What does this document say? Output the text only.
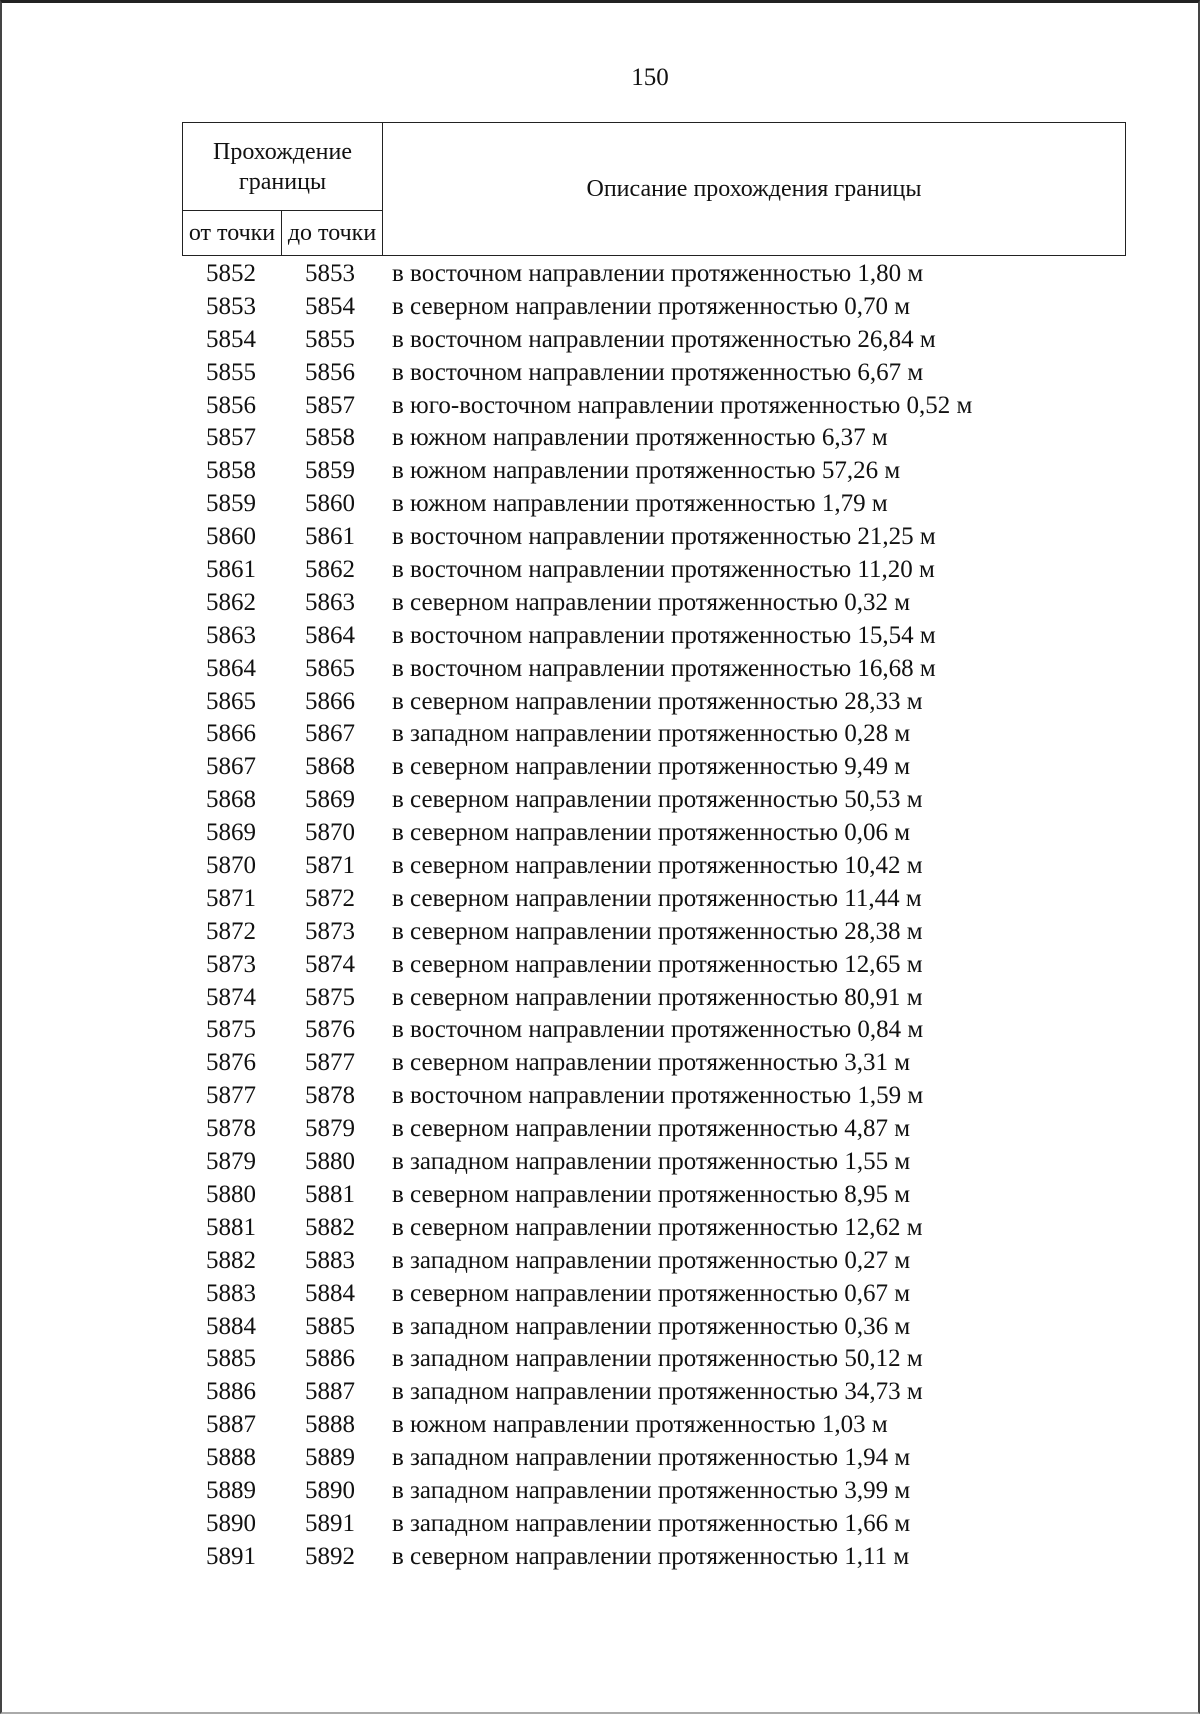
150
Прохождение границы		Описание прохождения границы
от точки	до точки	
5852	5853	в восточном направлении протяженностью 1,80 м
5853	5854	в северном направлении протяженностью 0,70 м
5854	5855	в восточном направлении протяженностью 26,84 м
5855	5856	в восточном направлении протяженностью 6,67 м
5856	5857	в юго-восточном направлении протяженностью 0,52 м
5857	5858	в южном направлении протяженностью 6,37 м
5858	5859	в южном направлении протяженностью 57,26 м
5859	5860	в южном направлении протяженностью 1,79 м
5860	5861	в восточном направлении протяженностью 21,25 м
5861	5862	в восточном направлении протяженностью 11,20 м
5862	5863	в северном направлении протяженностью 0,32 м
5863	5864	в восточном направлении протяженностью 15,54 м
5864	5865	в восточном направлении протяженностью 16,68 м
5865	5866	в северном направлении протяженностью 28,33 м
5866	5867	в западном направлении протяженностью 0,28 м
5867	5868	в северном направлении протяженностью 9,49 м
5868	5869	в северном направлении протяженностью 50,53 м
5869	5870	в северном направлении протяженностью 0,06 м
5870	5871	в северном направлении протяженностью 10,42 м
5871	5872	в северном направлении протяженностью 11,44 м
5872	5873	в северном направлении протяженностью 28,38 м
5873	5874	в северном направлении протяженностью 12,65 м
5874	5875	в северном направлении протяженностью 80,91 м
5875	5876	в восточном направлении протяженностью 0,84 м
5876	5877	в северном направлении протяженностью 3,31 м
5877	5878	в восточном направлении протяженностью 1,59 м
5878	5879	в северном направлении протяженностью 4,87 м
5879	5880	в западном направлении протяженностью 1,55 м
5880	5881	в северном направлении протяженностью 8,95 м
5881	5882	в северном направлении протяженностью 12,62 м
5882	5883	в западном направлении протяженностью 0,27 м
5883	5884	в северном направлении протяженностью 0,67 м
5884	5885	в западном направлении протяженностью 0,36 м
5885	5886	в западном направлении протяженностью 50,12 м
5886	5887	в западном направлении протяженностью 34,73 м
5887	5888	в южном направлении протяженностью 1,03 м
5888	5889	в западном направлении протяженностью 1,94 м
5889	5890	в западном направлении протяженностью 3,99 м
5890	5891	в западном направлении протяженностью 1,66 м
5891	5892	в северном направлении протяженностью 1,11 м
